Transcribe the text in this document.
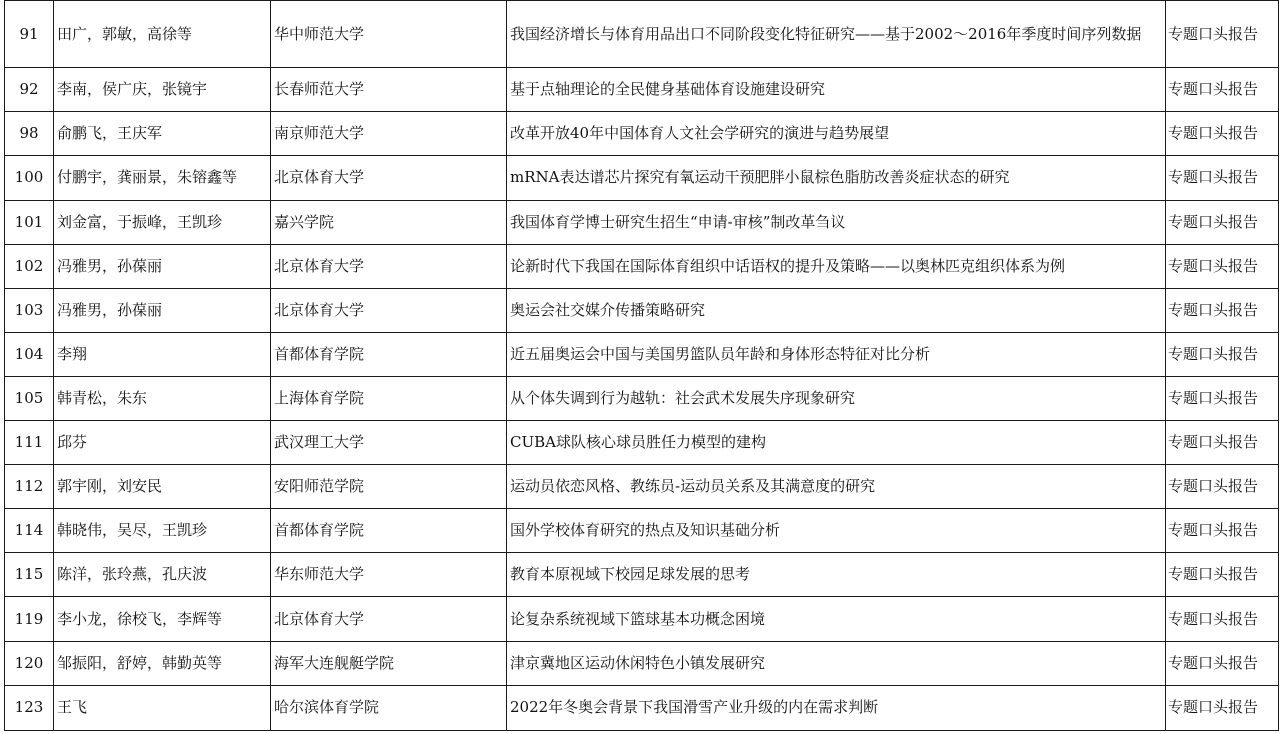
91	田广，郭敏，高徐等	华中师范大学	我国经济增长与体育用品出口不同阶段变化特征研究——基于2002～2016年季度时间序列数据	专题口头报告
92	李南，侯广庆，张镜宇	长春师范大学	基于点轴理论的全民健身基础体育设施建设研究	专题口头报告
98	俞鹏飞，王庆军	南京师范大学	改革开放40年中国体育人文社会学研究的演进与趋势展望	专题口头报告
100	付鹏宇，龚丽景，朱镕鑫等	北京体育大学	mRNA表达谱芯片探究有氧运动干预肥胖小鼠棕色脂肪改善炎症状态的研究	专题口头报告
101	刘金富，于振峰，王凯珍	嘉兴学院	我国体育学博士研究生招生“申请-审核”制改革刍议	专题口头报告
102	冯雅男，孙葆丽	北京体育大学	论新时代下我国在国际体育组织中话语权的提升及策略——以奥林匹克组织体系为例	专题口头报告
103	冯雅男，孙葆丽	北京体育大学	奥运会社交媒介传播策略研究	专题口头报告
104	李翔	首都体育学院	近五届奥运会中国与美国男篮队员年龄和身体形态特征对比分析	专题口头报告
105	韩青松，朱东	上海体育学院	从个体失调到行为越轨：社会武术发展失序现象研究	专题口头报告
111	邱芬	武汉理工大学	CUBA球队核心球员胜任力模型的建构	专题口头报告
112	郭宇刚，刘安民	安阳师范学院	运动员依恋风格、教练员-运动员关系及其满意度的研究	专题口头报告
114	韩晓伟，吴尽，王凯珍	首都体育学院	国外学校体育研究的热点及知识基础分析	专题口头报告
115	陈洋，张玲燕，孔庆波	华东师范大学	教育本原视域下校园足球发展的思考	专题口头报告
119	李小龙，徐校飞，李辉等	北京体育大学	论复杂系统视域下篮球基本功概念困境	专题口头报告
120	邹振阳，舒婷，韩勤英等	海军大连舰艇学院	津京冀地区运动休闲特色小镇发展研究	专题口头报告
123	王飞	哈尔滨体育学院	2022年冬奥会背景下我国滑雪产业升级的内在需求判断	专题口头报告
